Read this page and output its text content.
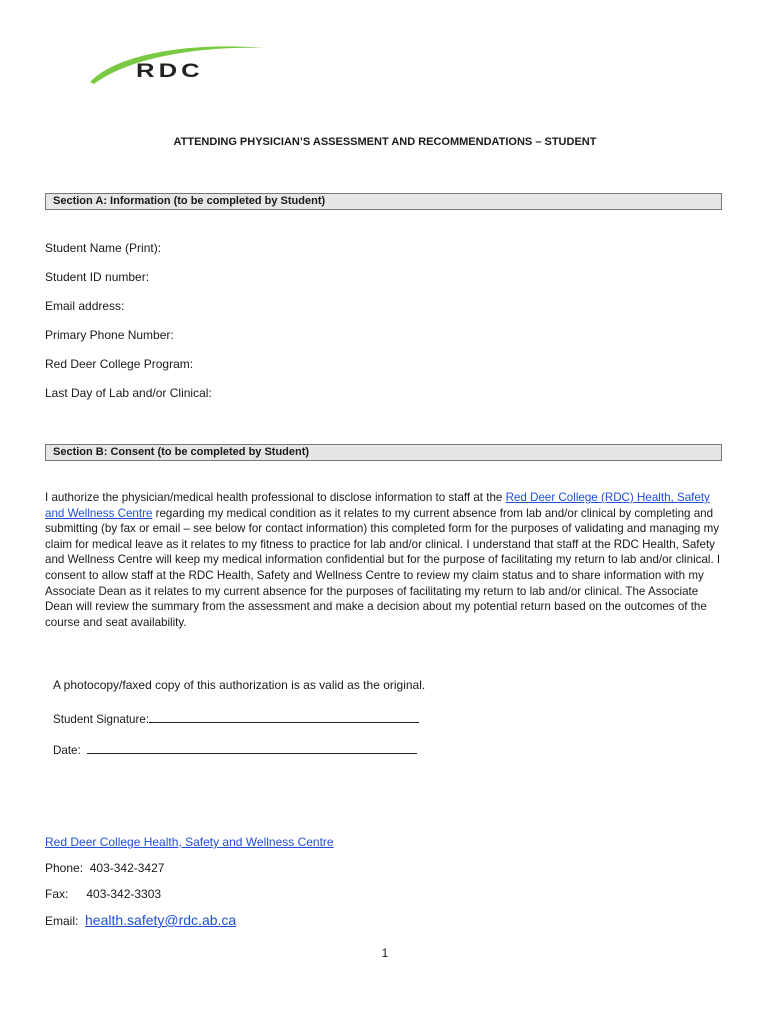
RDC
ATTENDING PHYSICIAN’S ASSESSMENT AND RECOMMENDATIONS – STUDENT
Section A: Information (to be completed by Student)
Student Name (Print):
Student ID number:
Email address:
Primary Phone Number:
Red Deer College Program:
Last Day of Lab and/or Clinical:
Section B: Consent (to be completed by Student)
I authorize the physician/medical health professional to disclose information to staff at the Red Deer College (RDC) Health, Safety and Wellness Centre regarding my medical condition as it relates to my current absence from lab and/or clinical by completing and submitting (by fax or email – see below for contact information) this completed form for the purposes of validating and managing my claim for medical leave as it relates to my fitness to practice for lab and/or clinical. I understand that staff at the RDC Health, Safety and Wellness Centre will keep my medical information confidential but for the purpose of facilitating my return to lab and/or clinical. I consent to allow staff at the RDC Health, Safety and Wellness Centre to review my claim status and to share information with my Associate Dean as it relates to my current absence for the purposes of facilitating my return to lab and/or clinical. The Associate Dean will review the summary from the assessment and make a decision about my potential return based on the outcomes of the course and seat availability.
A photocopy/faxed copy of this authorization is as valid as the original.
Student Signature:
Date:
Red Deer College Health, Safety and Wellness Centre
Phone: 403-342-3427
Fax: 403-342-3303
Email: health.safety@rdc.ab.ca
1
